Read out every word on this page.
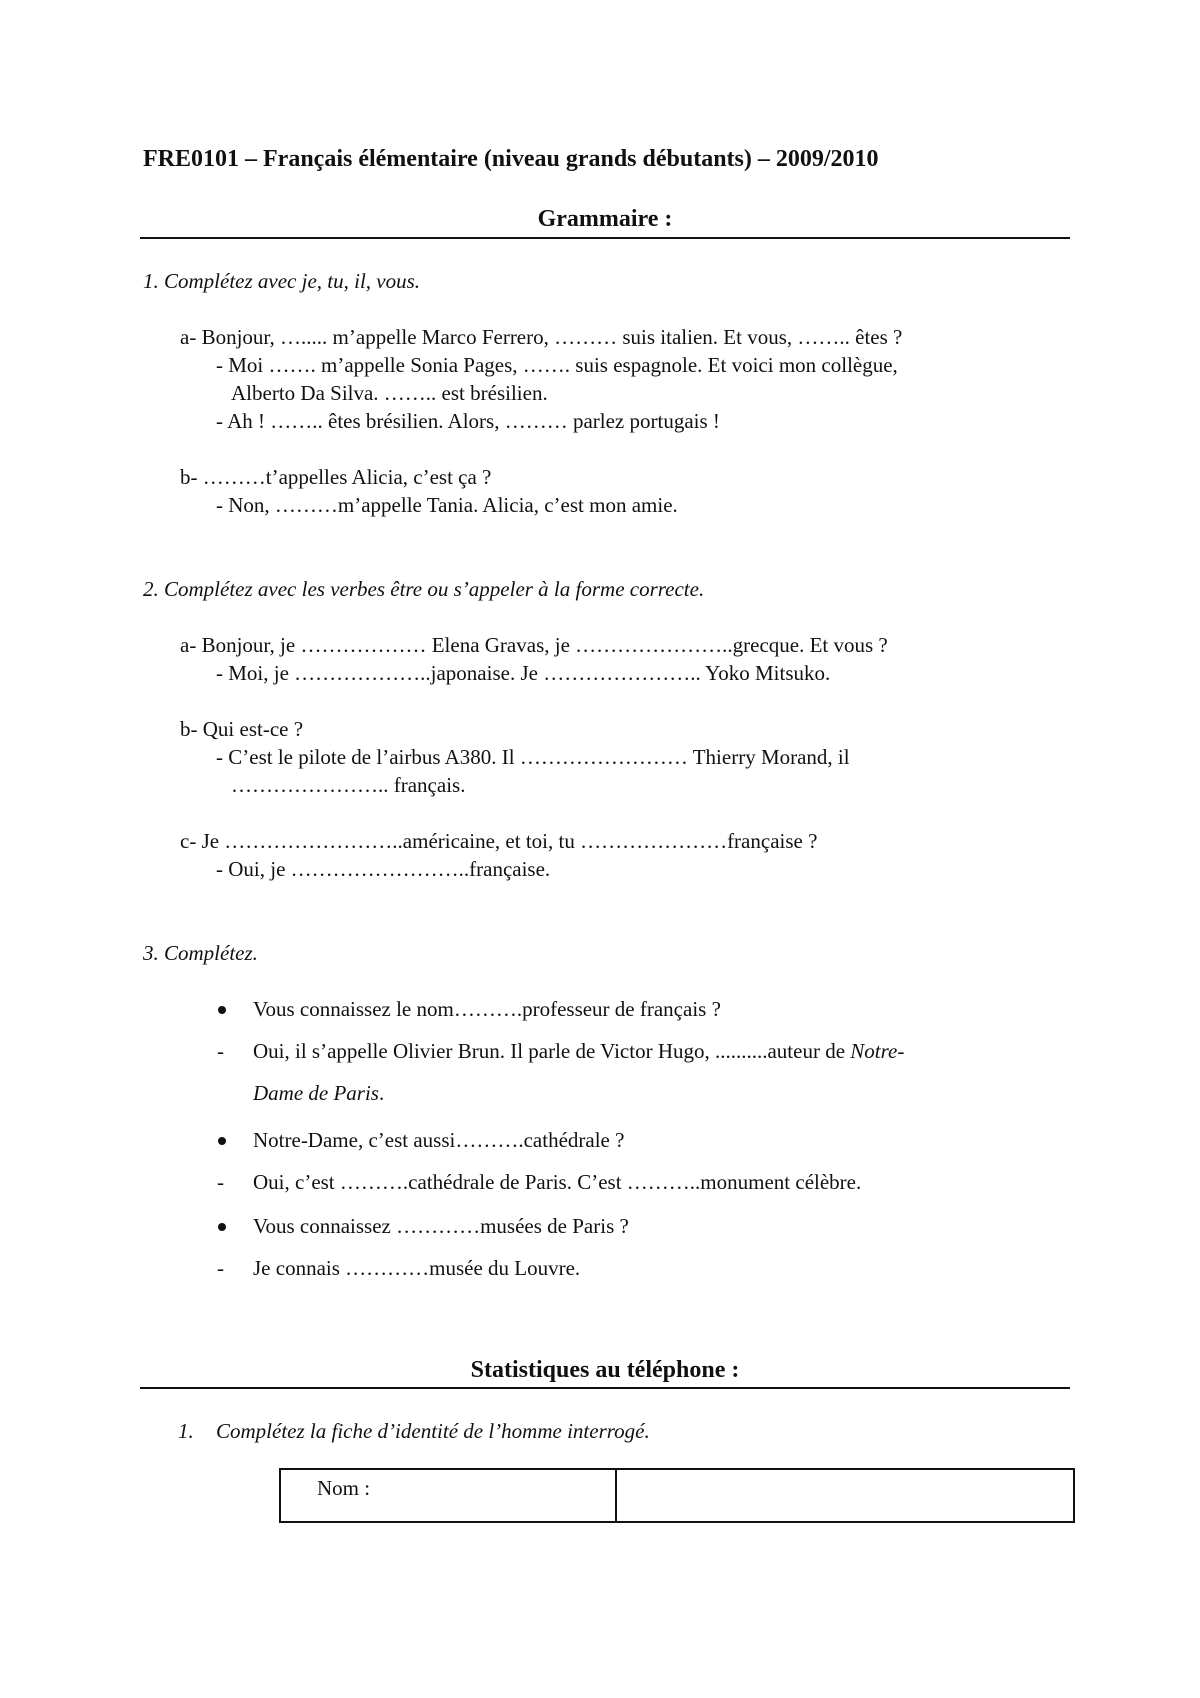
FRE0101 – Français élémentaire (niveau grands débutants) – 2009/2010
Grammaire :
1. Complétez avec je, tu, il, vous.
a- Bonjour, …..... m’appelle Marco Ferrero, ……… suis italien. Et vous, …….. êtes ?
- Moi ……. m’appelle Sonia Pages, ……. suis espagnole. Et voici mon collègue,
Alberto Da Silva. …….. est brésilien.
- Ah ! …….. êtes brésilien. Alors, ……… parlez portugais !
b- ………t’appelles Alicia, c’est ça ?
- Non, ………m’appelle Tania. Alicia, c’est mon amie.
2. Complétez avec les verbes être ou s’appeler à la forme correcte.
a- Bonjour, je ……………… Elena Gravas, je …………………..grecque. Et vous ?
- Moi, je ………………..japonaise. Je ………………….. Yoko Mitsuko.
b- Qui est-ce ?
- C’est le pilote de l’airbus A380. Il …………………… Thierry Morand, il
………………….. français.
c- Je ……………………..américaine, et toi, tu …………………française ?
- Oui, je ……………………..française.
3. Complétez.
Vous connaissez le nom……….professeur de français ?
- Oui, il s’appelle Olivier Brun. Il parle de Victor Hugo, ..........auteur de Notre-
Dame de Paris.
Notre-Dame, c’est aussi……….cathédrale ?
- Oui, c’est ……….cathédrale de Paris. C’est ………..monument célèbre.
Vous connaissez …………musées de Paris ?
- Je connais …………musée du Louvre.
Statistiques au téléphone :
1. Complétez la fiche d’identité de l’homme interrogé.
Nom :	
